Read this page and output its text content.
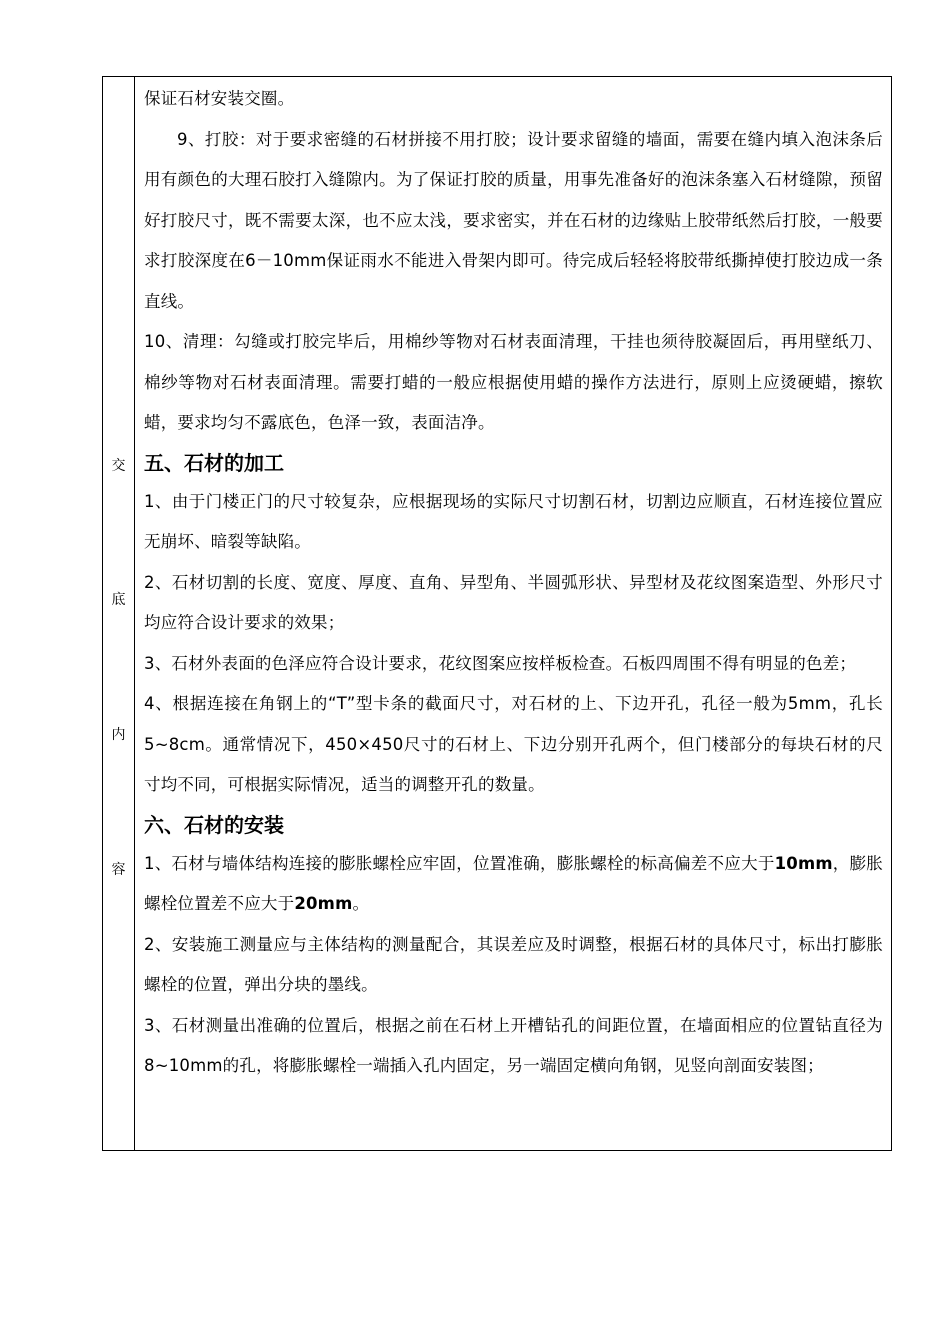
交
底
内
容

保证石材安装交圈。

9、打胶：对于要求密缝的石材拼接不用打胶；设计要求留缝的墙面，需要在缝内填入泡沫条后用有颜色的大理石胶打入缝隙内。为了保证打胶的质量，用事先准备好的泡沫条塞入石材缝隙，预留好打胶尺寸，既不需要太深，也不应太浅，要求密实，并在石材的边缘贴上胶带纸然后打胶，一般要求打胶深度在6－10mm保证雨水不能进入骨架内即可。待完成后轻轻将胶带纸撕掉使打胶边成一条直线。

10、清理：勾缝或打胶完毕后，用棉纱等物对石材表面清理，干挂也须待胶凝固后，再用壁纸刀、棉纱等物对石材表面清理。需要打蜡的一般应根据使用蜡的操作方法进行，原则上应烫硬蜡，擦软蜡，要求均匀不露底色，色泽一致，表面洁净。

五、石材的加工

1、由于门楼正门的尺寸较复杂，应根据现场的实际尺寸切割石材，切割边应顺直，石材连接位置应无崩坏、暗裂等缺陷。

2、石材切割的长度、宽度、厚度、直角、异型角、半圆弧形状、异型材及花纹图案造型、外形尺寸均应符合设计要求的效果；

3、石材外表面的色泽应符合设计要求，花纹图案应按样板检查。石板四周围不得有明显的色差；

4、根据连接在角钢上的“T”型卡条的截面尺寸，对石材的上、下边开孔，孔径一般为5mm，孔长5~8cm。通常情况下，450×450尺寸的石材上、下边分别开孔两个，但门楼部分的每块石材的尺寸均不同，可根据实际情况，适当的调整开孔的数量。

六、石材的安装

1、石材与墙体结构连接的膨胀螺栓应牢固，位置准确，膨胀螺栓的标高偏差不应大于10mm，膨胀螺栓位置差不应大于20mm。

2、安装施工测量应与主体结构的测量配合，其误差应及时调整，根据石材的具体尺寸，标出打膨胀螺栓的位置，弹出分块的墨线。

3、石材测量出准确的位置后，根据之前在石材上开槽钻孔的间距位置，在墙面相应的位置钻直径为8~10mm的孔，将膨胀螺栓一端插入孔内固定，另一端固定横向角钢，见竖向剖面安装图；
